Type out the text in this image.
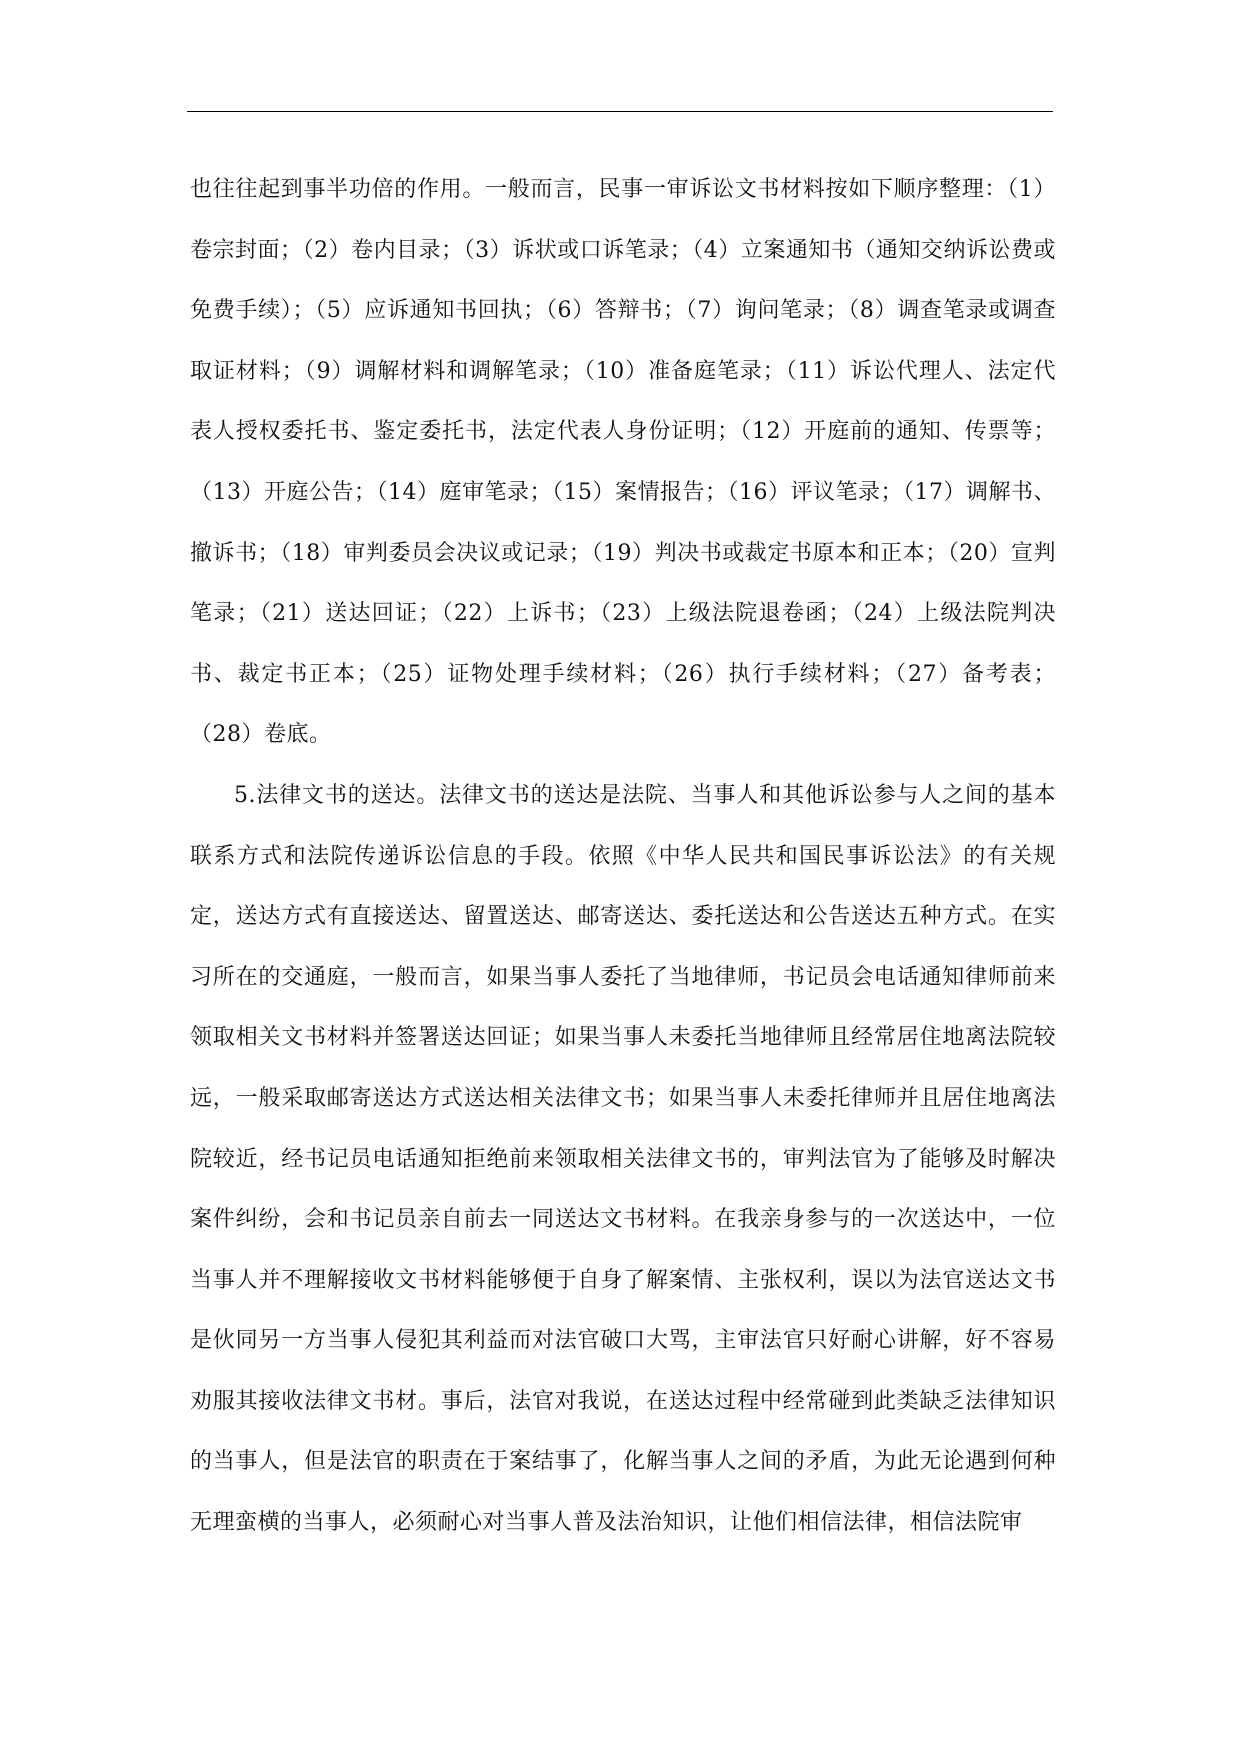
也往往起到事半功倍的作用。一般而言，民事一审诉讼文书材料按如下顺序整理：（1）卷宗封面；（2）卷内目录；（3）诉状或口诉笔录；（4）立案通知书（通知交纳诉讼费或免费手续）；（5）应诉通知书回执；（6）答辩书；（7）询问笔录；（8）调查笔录或调查取证材料；（9）调解材料和调解笔录；（10）准备庭笔录；（11）诉讼代理人、法定代表人授权委托书、鉴定委托书，法定代表人身份证明；（12）开庭前的通知、传票等；（13）开庭公告；（14）庭审笔录；（15）案情报告；（16）评议笔录；（17）调解书、撤诉书；（18）审判委员会决议或记录；（19）判决书或裁定书原本和正本；（20）宣判笔录；（21）送达回证；（22）上诉书；（23）上级法院退卷函；（24）上级法院判决书、裁定书正本；（25）证物处理手续材料；（26）执行手续材料；（27）备考表；（28）卷底。

5.法律文书的送达。法律文书的送达是法院、当事人和其他诉讼参与人之间的基本联系方式和法院传递诉讼信息的手段。依照《中华人民共和国民事诉讼法》的有关规定，送达方式有直接送达、留置送达、邮寄送达、委托送达和公告送达五种方式。在实习所在的交通庭，一般而言，如果当事人委托了当地律师，书记员会电话通知律师前来领取相关文书材料并签署送达回证；如果当事人未委托当地律师且经常居住地离法院较远，一般采取邮寄送达方式送达相关法律文书；如果当事人未委托律师并且居住地离法院较近，经书记员电话通知拒绝前来领取相关法律文书的，审判法官为了能够及时解决案件纠纷，会和书记员亲自前去一同送达文书材料。在我亲身参与的一次送达中，一位当事人并不理解接收文书材料能够便于自身了解案情、主张权利，误以为法官送达文书是伙同另一方当事人侵犯其利益而对法官破口大骂，主审法官只好耐心讲解，好不容易劝服其接收法律文书材。事后，法官对我说，在送达过程中经常碰到此类缺乏法律知识的当事人，但是法官的职责在于案结事了，化解当事人之间的矛盾，为此无论遇到何种无理蛮横的当事人，必须耐心对当事人普及法治知识，让他们相信法律，相信法院审
